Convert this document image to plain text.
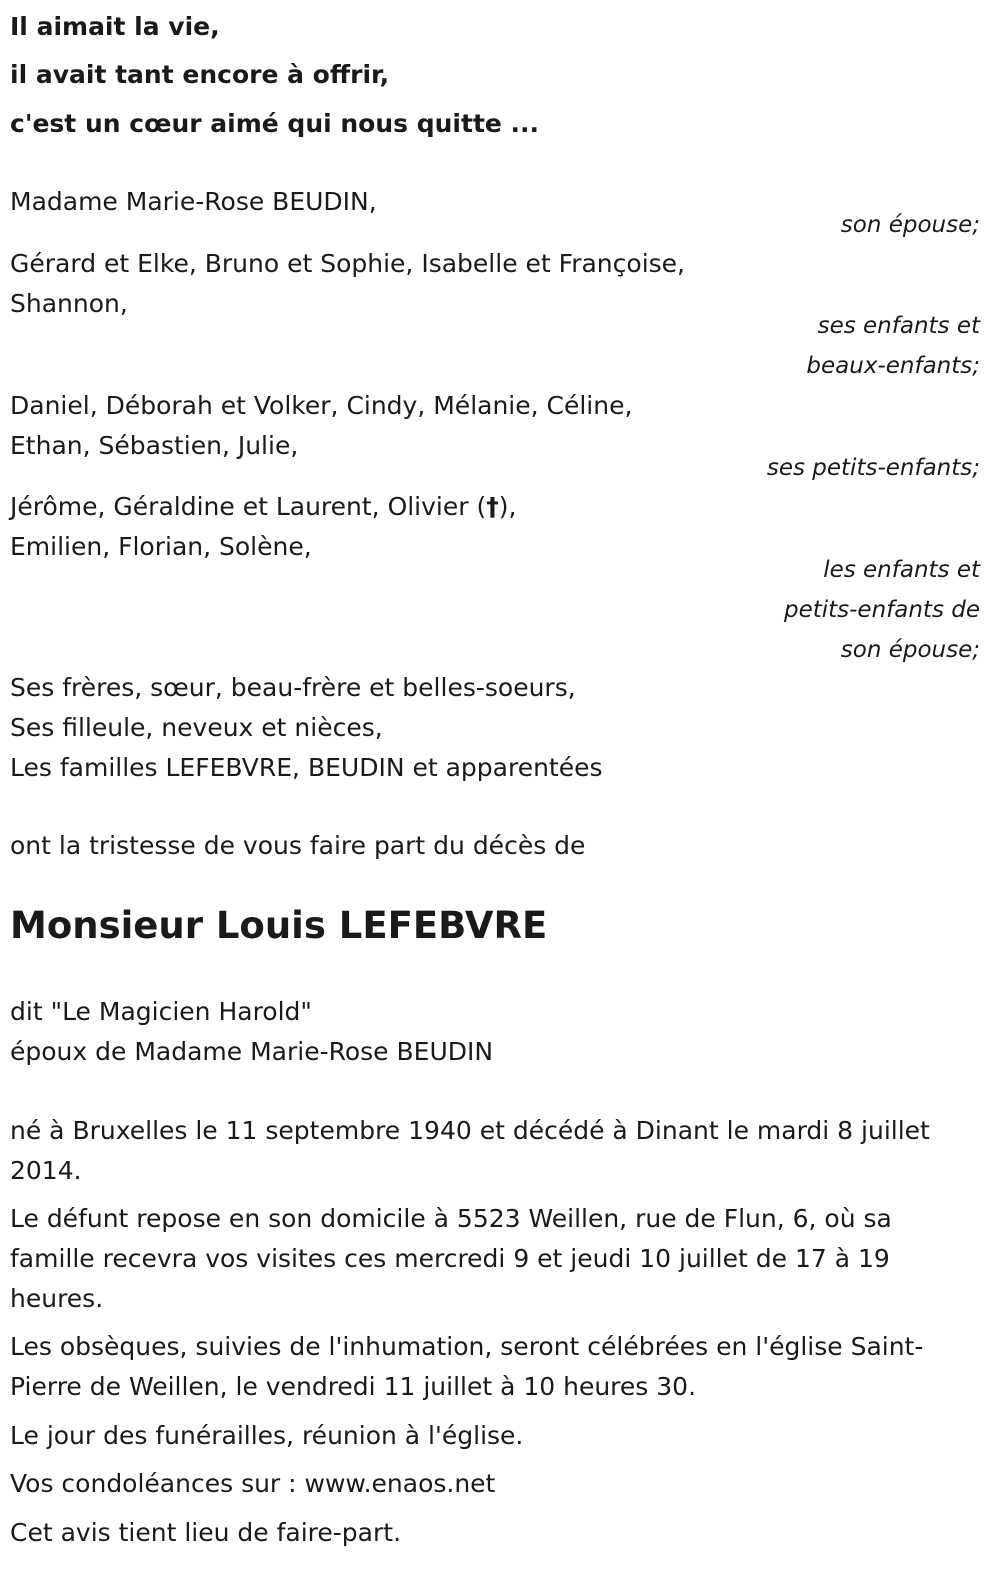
Il aimait la vie,
il avait tant encore à offrir,
c'est un cœur aimé qui nous quitte ...
Madame Marie-Rose BEUDIN,
son épouse;
Gérard et Elke, Bruno et Sophie, Isabelle et Françoise,
Shannon,
ses enfants et
beaux-enfants;
Daniel, Déborah et Volker, Cindy, Mélanie, Céline,
Ethan, Sébastien, Julie,
ses petits-enfants;
Jérôme, Géraldine et Laurent, Olivier (†),
Emilien, Florian, Solène,
les enfants et
petits-enfants de
son épouse;
Ses frères, sœur, beau-frère et belles-soeurs,
Ses filleule, neveux et nièces,
Les familles LEFEBVRE, BEUDIN et apparentées
ont la tristesse de vous faire part du décès de
Monsieur Louis LEFEBVRE
dit "Le Magicien Harold"
époux de Madame Marie-Rose BEUDIN
né à Bruxelles le 11 septembre 1940 et décédé à Dinant le mardi 8 juillet
2014.
Le défunt repose en son domicile à 5523 Weillen, rue de Flun, 6, où sa
famille recevra vos visites ces mercredi 9 et jeudi 10 juillet de 17 à 19
heures.
Les obsèques, suivies de l'inhumation, seront célébrées en l'église Saint-
Pierre de Weillen, le vendredi 11 juillet à 10 heures 30.
Le jour des funérailles, réunion à l'église.
Vos condoléances sur : www.enaos.net
Cet avis tient lieu de faire-part.
